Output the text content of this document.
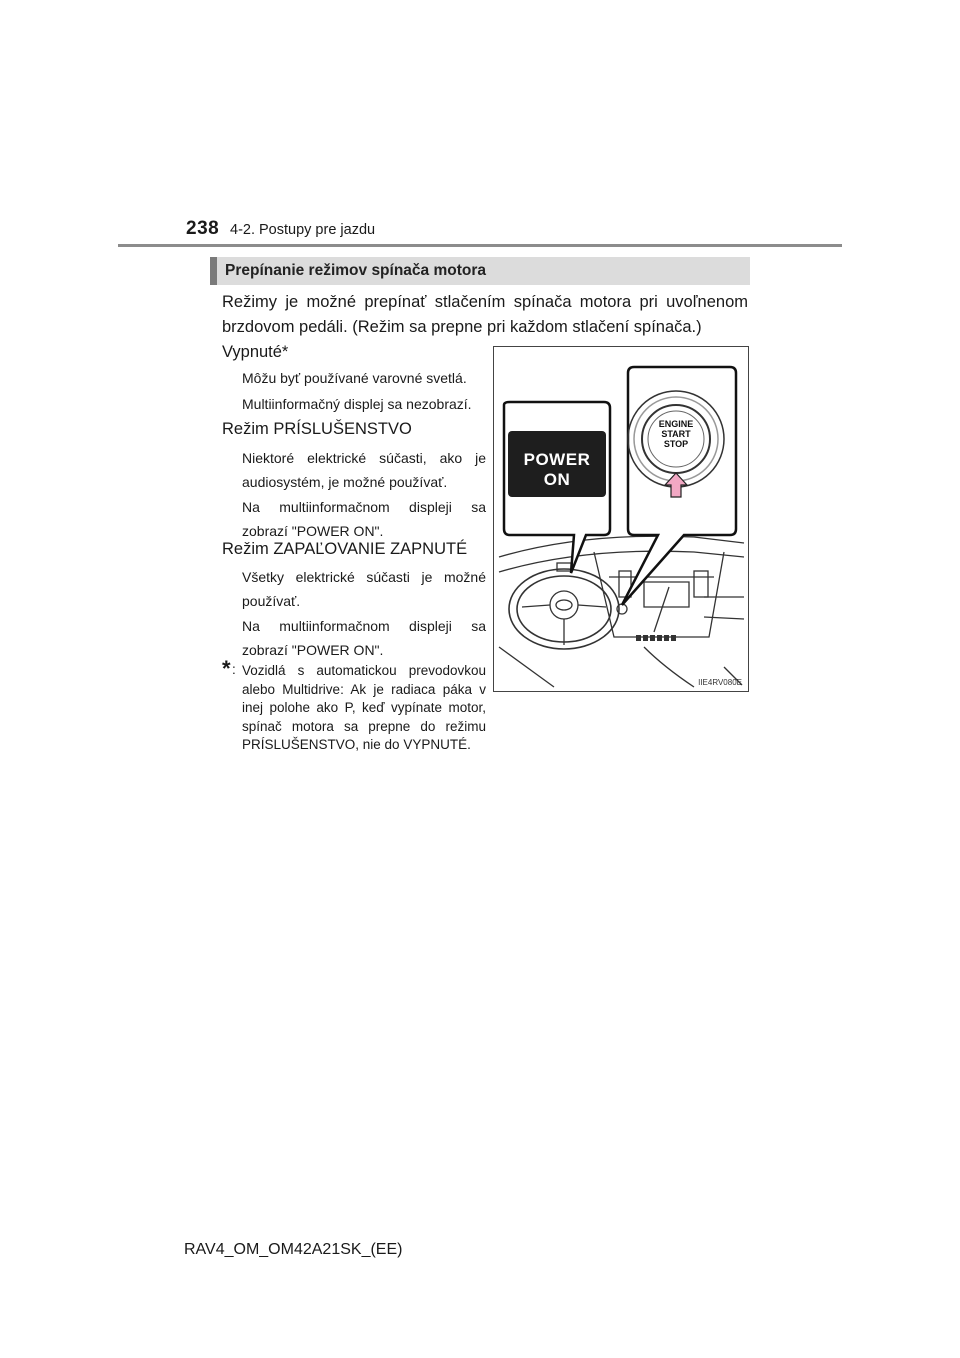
238 4-2. Postupy pre jazdu
Prepínanie režimov spínača motora
Režimy je možné prepínať stlačením spínača motora pri uvoľnenom brzdovom pedáli. (Režim sa prepne pri každom stlačení spínača.)
Vypnuté*
Môžu byť používané varovné svetlá.
Multiinformačný displej sa nezobrazí.
Režim PRÍSLUŠENSTVO
Niektoré elektrické súčasti, ako je audiosystém, je možné používať.
Na multiinformačnom displeji sa zobrazí "POWER ON".
Režim ZAPAĽOVANIE ZAPNUTÉ
Všetky elektrické súčasti je možné používať.
Na multiinformačnom displeji sa zobrazí "POWER ON".
* : Vozidlá s automatickou prevodovkou alebo Multidrive: Ak je radiaca páka v inej polohe ako P, keď vypínate motor, spínač motora sa prepne do režimu PRÍSLUŠENSTVO, nie do VYPNUTÉ.
POWER ON
ENGINE
START
STOP
IIE4RV080E
RAV4_OM_OM42A21SK_(EE)
